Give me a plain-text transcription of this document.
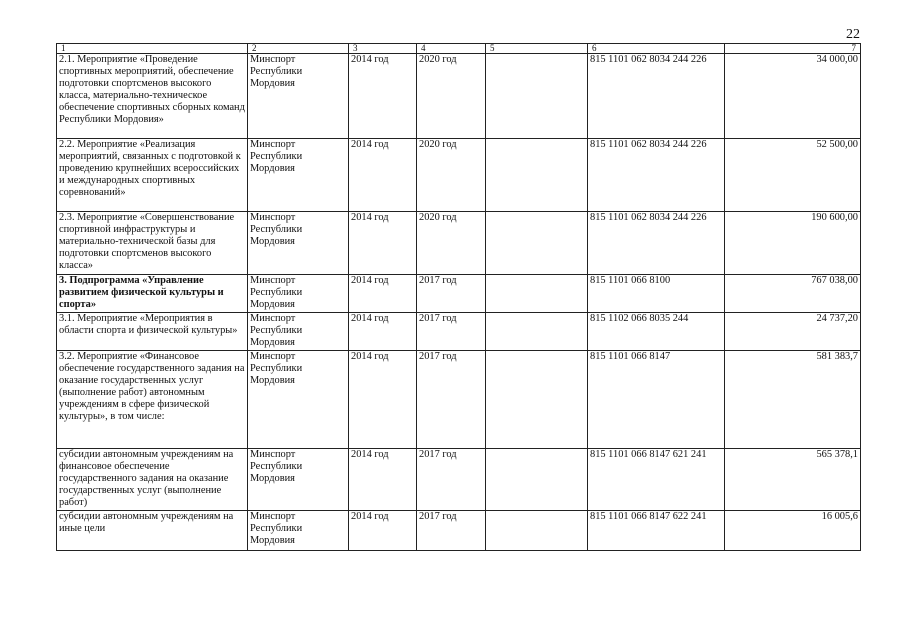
22
1	2	3	4	5	6	7
2.1. Мероприятие «Проведение спортивных мероприятий, обеспечение подготовки спортсменов высокого класса, материально-техническое обеспечение спортивных сборных команд Республики Мордовия»	Минспорт Республики Мордовия	2014 год	2020 год		815 1101 062 8034 244 226	34 000,00
2.2. Мероприятие «Реализация мероприятий, связанных с подготовкой к проведению крупнейших всероссийских и международных спортивных соревнований»	Минспорт Республики Мордовия	2014 год	2020 год		815 1101 062 8034 244 226	52 500,00
2.3. Мероприятие «Совершенствование спортивной инфраструктуры и материально-технической базы для подготовки спортсменов высокого класса»	Минспорт Республики Мордовия	2014 год	2020 год		815 1101 062 8034 244 226	190 600,00
3. Подпрограмма «Управление развитием физической культуры и спорта»	Минспорт Республики Мордовия	2014 год	2017 год		815 1101 066 8100	767 038,00
3.1. Мероприятие «Мероприятия в области спорта и физической культуры»	Минспорт Республики Мордовия	2014 год	2017 год		815 1102 066 8035 244	24 737,20
3.2. Мероприятие «Финансовое обеспечение государственного задания на оказание государственных услуг (выполнение работ) автономным учреждениям в сфере физической культуры», в том числе:	Минспорт Республики Мордовия	2014 год	2017 год		815 1101 066 8147	581 383,7
субсидии автономным учреждениям на финансовое обеспечение государственного задания на оказание государственных услуг (выполнение работ)	Минспорт Республики Мордовия	2014 год	2017 год		815 1101 066 8147 621 241	565 378,1
субсидии автономным учреждениям на иные цели	Минспорт Республики Мордовия	2014 год	2017 год		815 1101 066 8147 622 241	16 005,6
